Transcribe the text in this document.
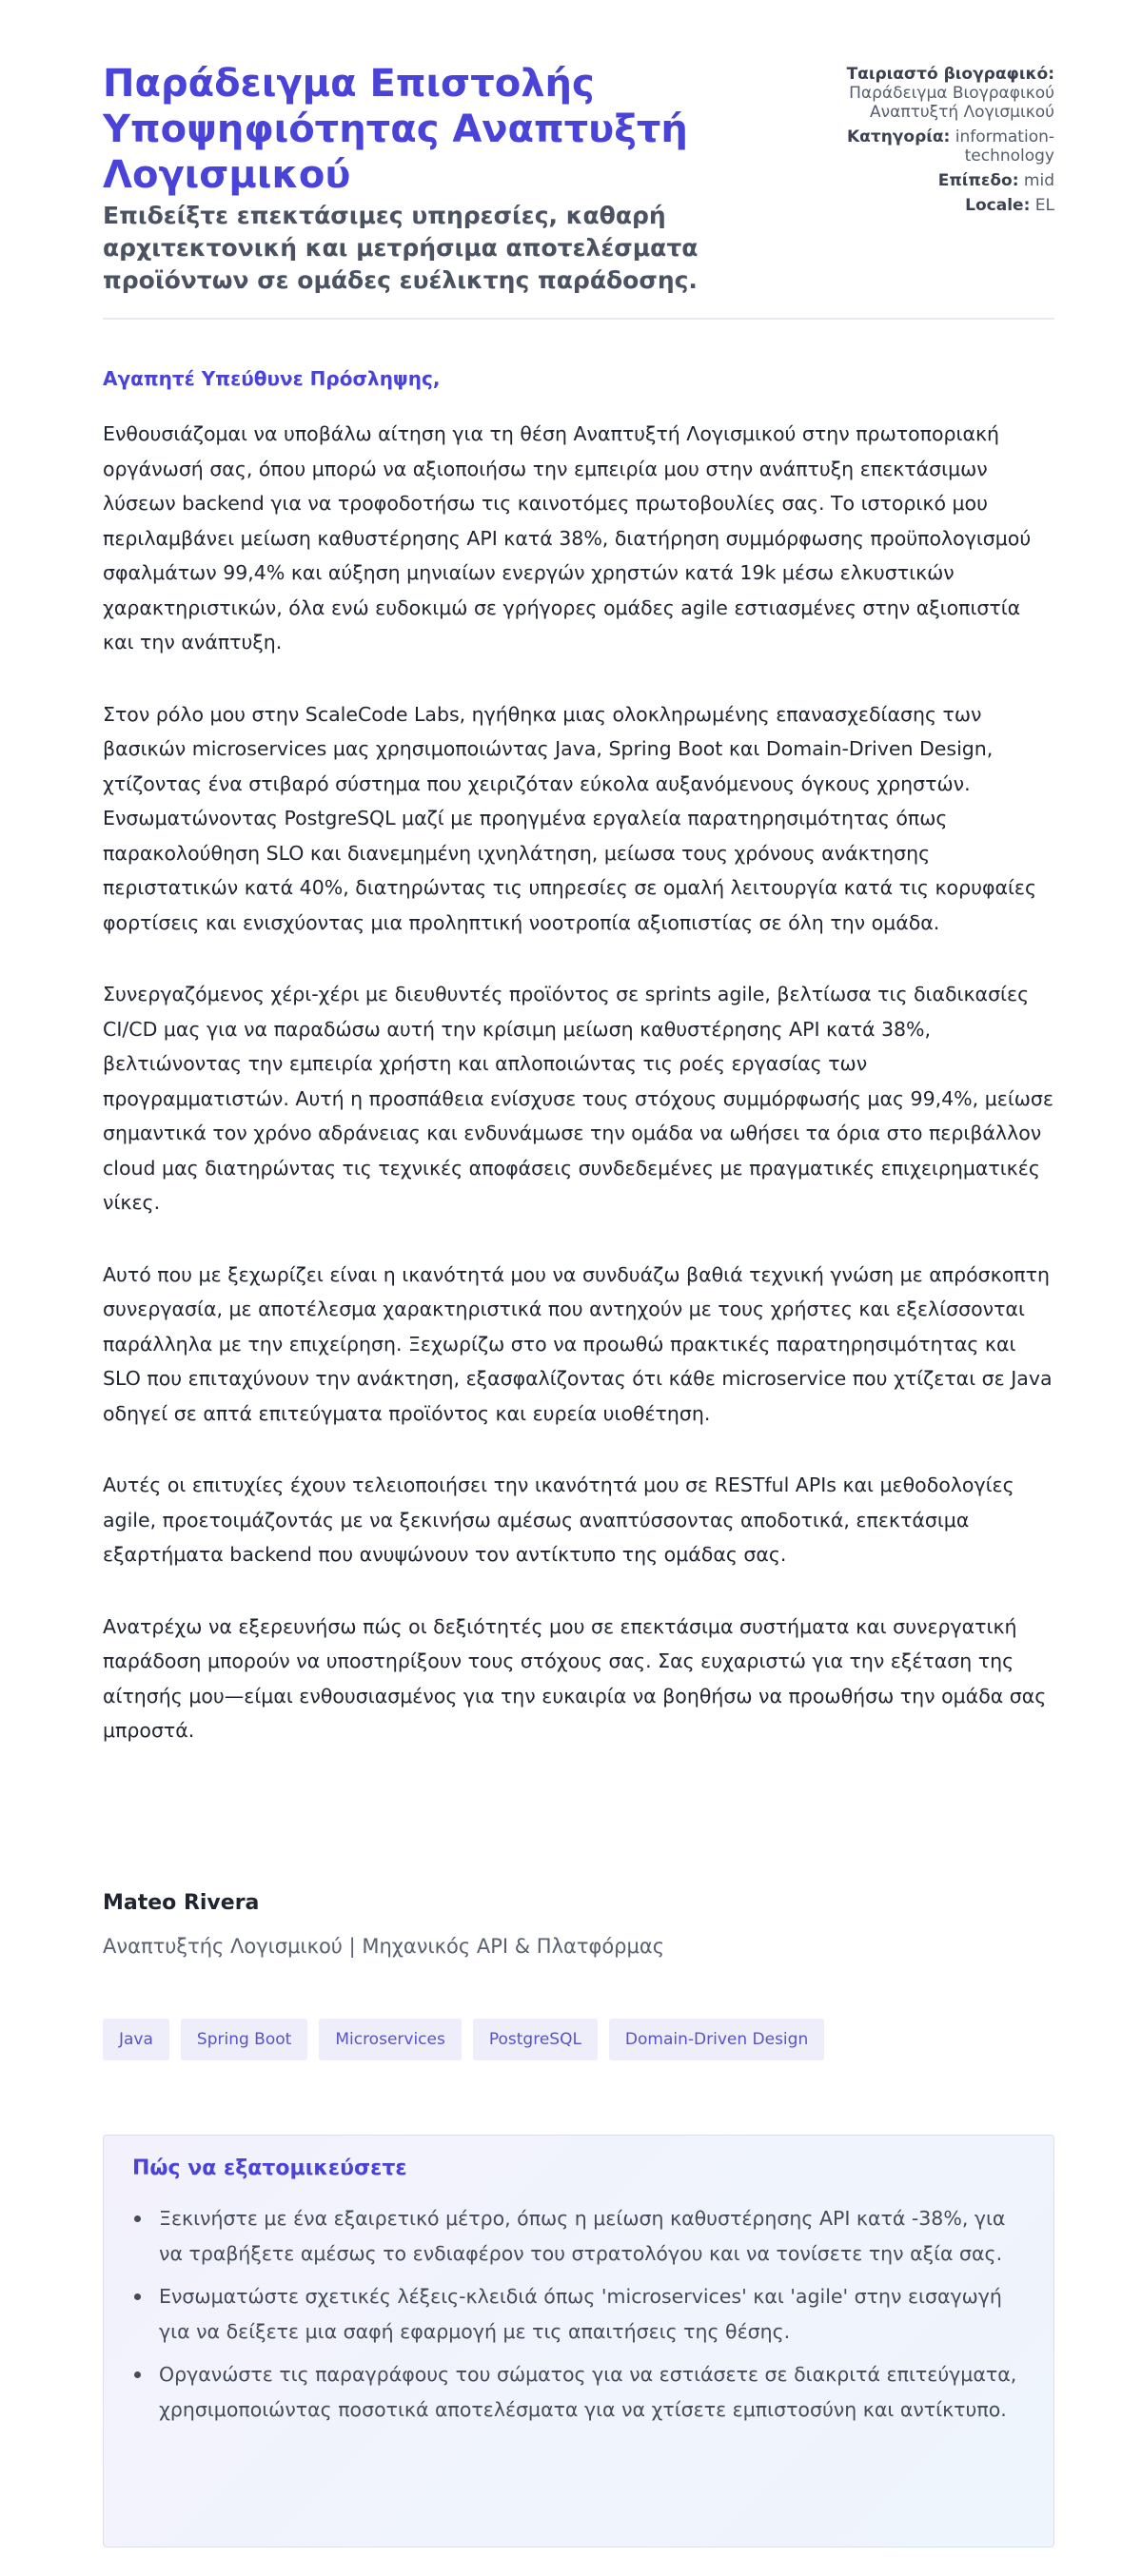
Παράδειγμα Επιστολής Υποψηφιότητας Αναπτυξτή Λογισμικού
Επιδείξτε επεκτάσιμες υπηρεσίες, καθαρή αρχιτεκτονική και μετρήσιμα αποτελέσματα προϊόντων σε ομάδες ευέλικτης παράδοσης.
Ταιριαστό βιογραφικό: Παράδειγμα Βιογραφικού Αναπτυξτή Λογισμικού
Κατηγορία: information-technology
Επίπεδο: mid
Locale: EL

Αγαπητέ Υπεύθυνε Πρόσληψης,

Ενθουσιάζομαι να υποβάλω αίτηση για τη θέση Αναπτυξτή Λογισμικού στην πρωτοποριακή οργάνωσή σας, όπου μπορώ να αξιοποιήσω την εμπειρία μου στην ανάπτυξη επεκτάσιμων λύσεων backend για να τροφοδοτήσω τις καινοτόμες πρωτοβουλίες σας. Το ιστορικό μου περιλαμβάνει μείωση καθυστέρησης API κατά 38%, διατήρηση συμμόρφωσης προϋπολογισμού σφαλμάτων 99,4% και αύξηση μηνιαίων ενεργών χρηστών κατά 19k μέσω ελκυστικών χαρακτηριστικών, όλα ενώ ευδοκιμώ σε γρήγορες ομάδες agile εστιασμένες στην αξιοπιστία και την ανάπτυξη.

Στον ρόλο μου στην ScaleCode Labs, ηγήθηκα μιας ολοκληρωμένης επανασχεδίασης των βασικών microservices μας χρησιμοποιώντας Java, Spring Boot και Domain-Driven Design, χτίζοντας ένα στιβαρό σύστημα που χειριζόταν εύκολα αυξανόμενους όγκους χρηστών. Ενσωματώνοντας PostgreSQL μαζί με προηγμένα εργαλεία παρατηρησιμότητας όπως παρακολούθηση SLO και διανεμημένη ιχνηλάτηση, μείωσα τους χρόνους ανάκτησης περιστατικών κατά 40%, διατηρώντας τις υπηρεσίες σε ομαλή λειτουργία κατά τις κορυφαίες φορτίσεις και ενισχύοντας μια προληπτική νοοτροπία αξιοπιστίας σε όλη την ομάδα.

Συνεργαζόμενος χέρι-χέρι με διευθυντές προϊόντος σε sprints agile, βελτίωσα τις διαδικασίες CI/CD μας για να παραδώσω αυτή την κρίσιμη μείωση καθυστέρησης API κατά 38%, βελτιώνοντας την εμπειρία χρήστη και απλοποιώντας τις ροές εργασίας των προγραμματιστών. Αυτή η προσπάθεια ενίσχυσε τους στόχους συμμόρφωσής μας 99,4%, μείωσε σημαντικά τον χρόνο αδράνειας και ενδυνάμωσε την ομάδα να ωθήσει τα όρια στο περιβάλλον cloud μας διατηρώντας τις τεχνικές αποφάσεις συνδεδεμένες με πραγματικές επιχειρηματικές νίκες.

Αυτό που με ξεχωρίζει είναι η ικανότητά μου να συνδυάζω βαθιά τεχνική γνώση με απρόσκοπτη συνεργασία, με αποτέλεσμα χαρακτηριστικά που αντηχούν με τους χρήστες και εξελίσσονται παράλληλα με την επιχείρηση. Ξεχωρίζω στο να προωθώ πρακτικές παρατηρησιμότητας και SLO που επιταχύνουν την ανάκτηση, εξασφαλίζοντας ότι κάθε microservice που χτίζεται σε Java οδηγεί σε απτά επιτεύγματα προϊόντος και ευρεία υιοθέτηση.

Αυτές οι επιτυχίες έχουν τελειοποιήσει την ικανότητά μου σε RESTful APIs και μεθοδολογίες agile, προετοιμάζοντάς με να ξεκινήσω αμέσως αναπτύσσοντας αποδοτικά, επεκτάσιμα εξαρτήματα backend που ανυψώνουν τον αντίκτυπο της ομάδας σας.

Ανατρέχω να εξερευνήσω πώς οι δεξιότητές μου σε επεκτάσιμα συστήματα και συνεργατική παράδοση μπορούν να υποστηρίξουν τους στόχους σας. Σας ευχαριστώ για την εξέταση της αίτησής μου—είμαι ενθουσιασμένος για την ευκαιρία να βοηθήσω να προωθήσω την ομάδα σας μπροστά.

Mateo Rivera

Αναπτυξτής Λογισμικού | Μηχανικός API & Πλατφόρμας

Java	Spring Boot	Microservices	PostgreSQL	Domain-Driven Design
Πώς να εξατομικεύσετε
Ξεκινήστε με ένα εξαιρετικό μέτρο, όπως η μείωση καθυστέρησης API κατά -38%, για να τραβήξετε αμέσως το ενδιαφέρον του στρατολόγου και να τονίσετε την αξία σας.
Ενσωματώστε σχετικές λέξεις-κλειδιά όπως 'microservices' και 'agile' στην εισαγωγή για να δείξετε μια σαφή εφαρμογή με τις απαιτήσεις της θέσης.
Οργανώστε τις παραγράφους του σώματος για να εστιάσετε σε διακριτά επιτεύγματα, χρησιμοποιώντας ποσοτικά αποτελέσματα για να χτίσετε εμπιστοσύνη και αντίκτυπο.
